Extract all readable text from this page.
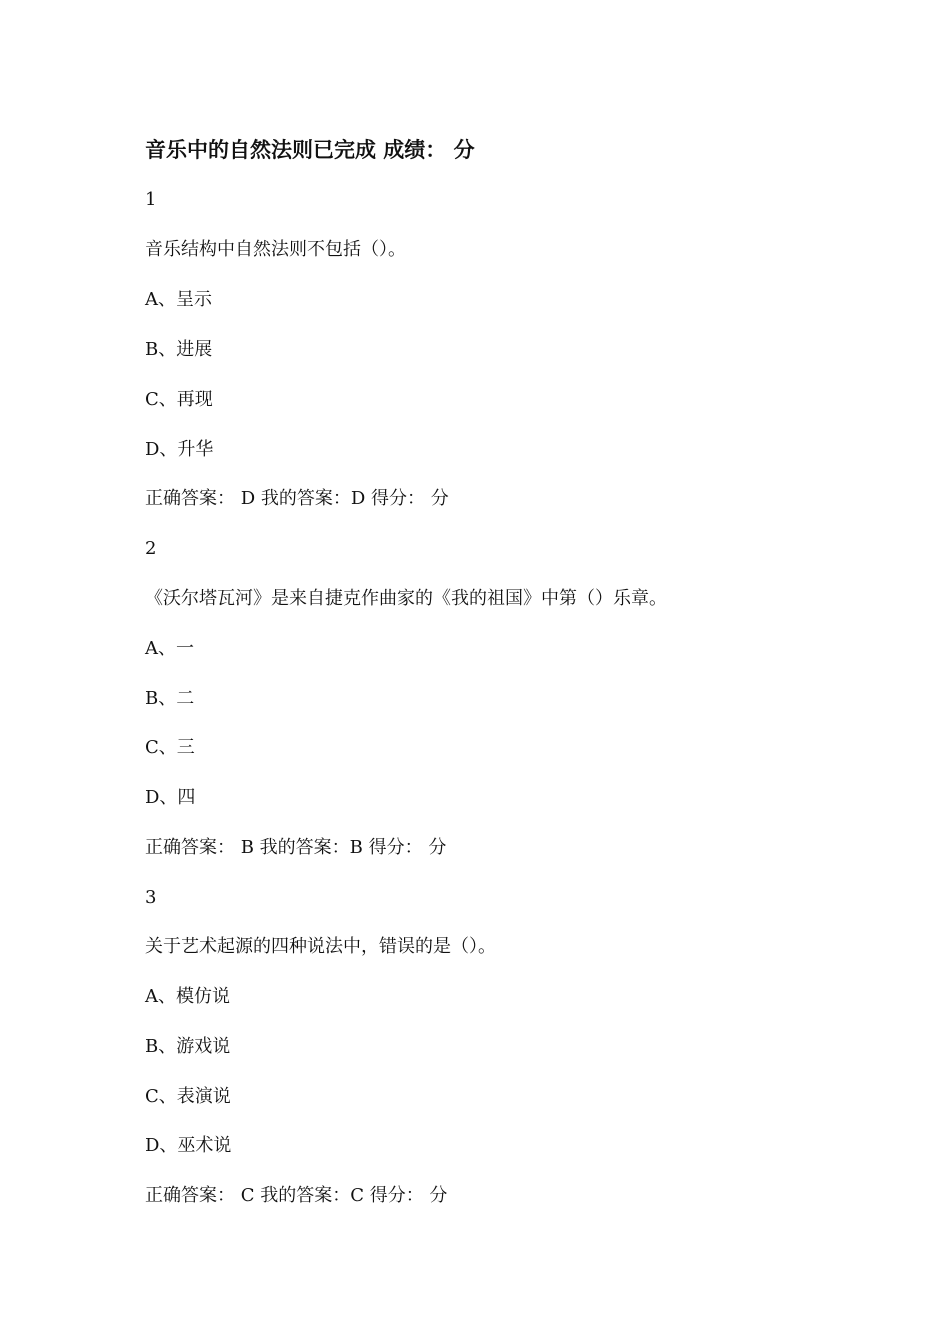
音乐中的自然法则已完成 成绩： 分
1
音乐结构中自然法则不包括（）。
A、呈示
B、进展
C、再现
D、升华
正确答案： D 我的答案：D 得分： 分
2
《沃尔塔瓦河》是来自捷克作曲家的《我的祖国》中第（）乐章。
A、一
B、二
C、三
D、四
正确答案： B 我的答案：B 得分： 分
3
关于艺术起源的四种说法中，错误的是（）。
A、模仿说
B、游戏说
C、表演说
D、巫术说
正确答案： C 我的答案：C 得分： 分
